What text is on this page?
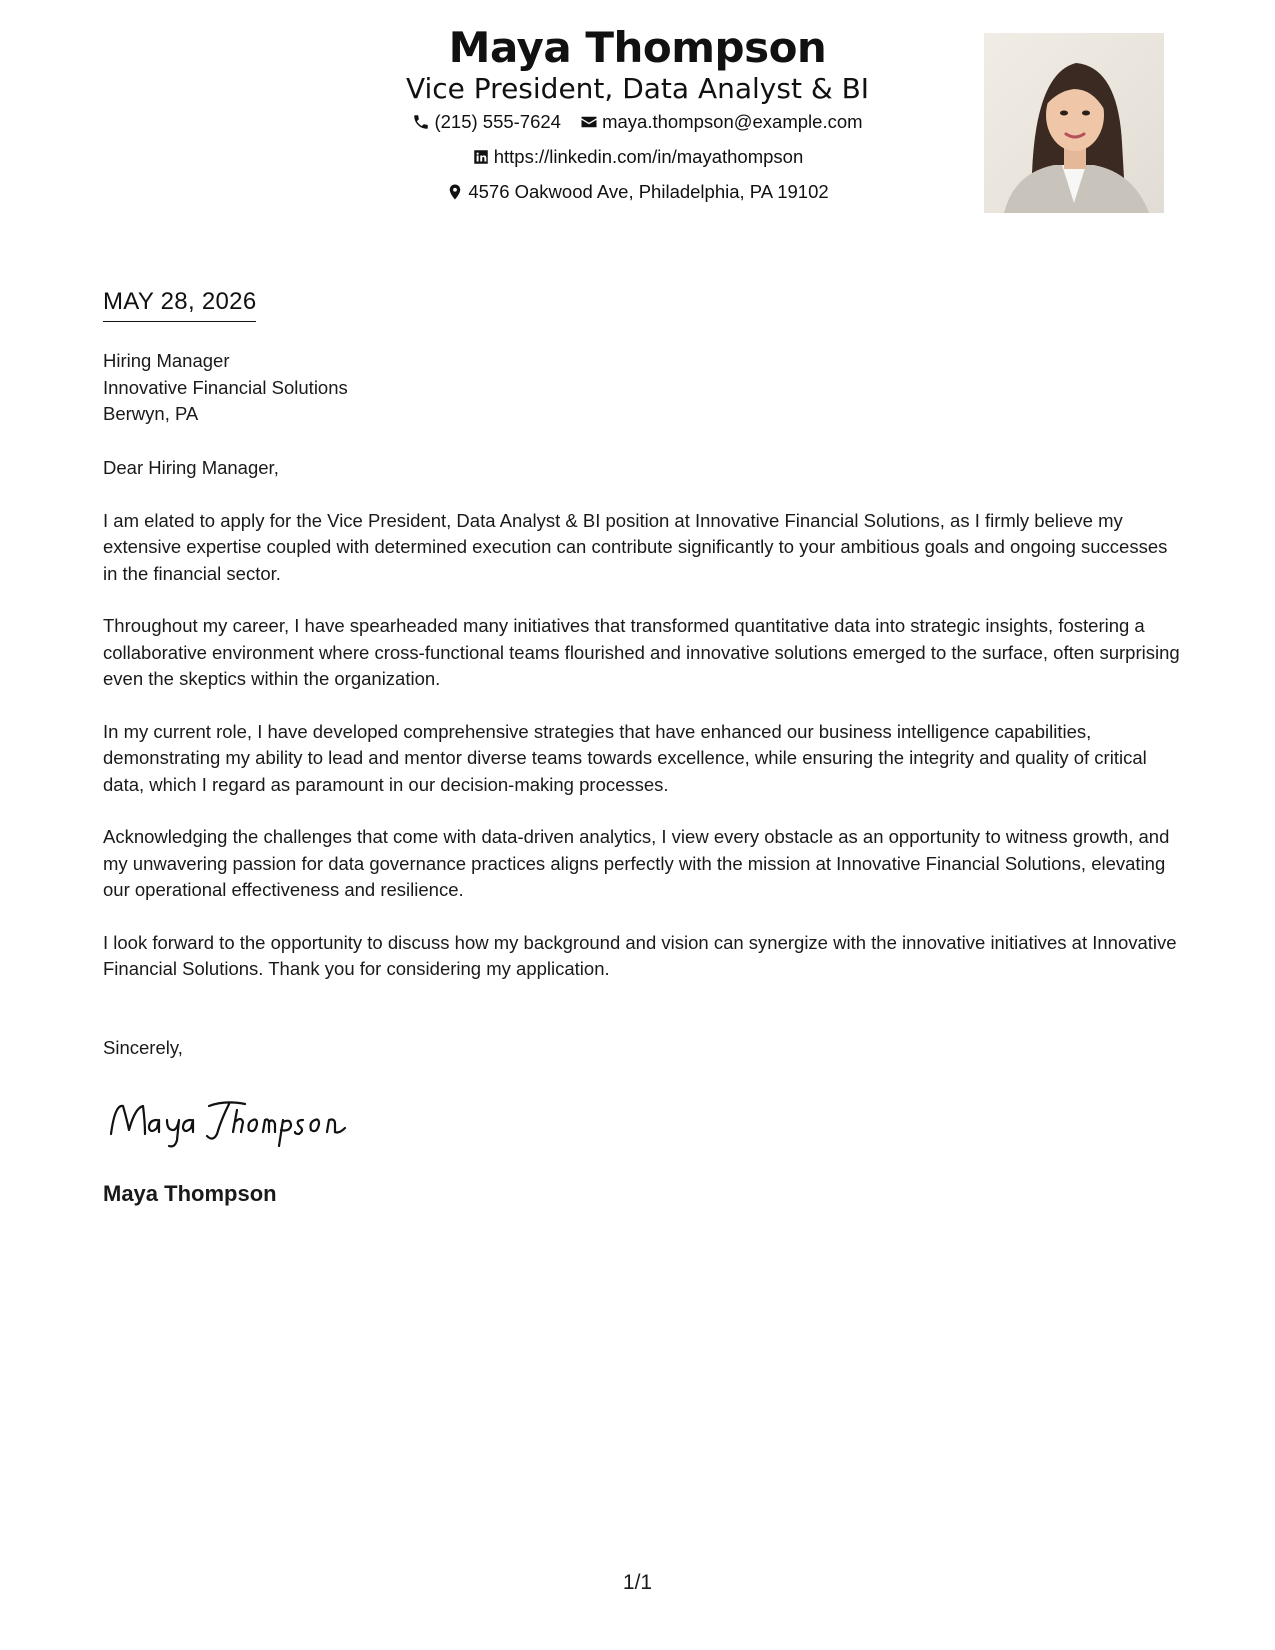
Maya Thompson
Vice President, Data Analyst & BI
(215) 555-7624
maya.thompson@example.com
https://linkedin.com/in/mayathompson
4576 Oakwood Ave, Philadelphia, PA 19102
MAY 28, 2026
Hiring Manager
Innovative Financial Solutions
Berwyn, PA

Dear Hiring Manager,

I am elated to apply for the Vice President, Data Analyst & BI position at Innovative Financial Solutions, as I firmly believe my extensive expertise coupled with determined execution can contribute significantly to your ambitious goals and ongoing successes in the financial sector.

Throughout my career, I have spearheaded many initiatives that transformed quantitative data into strategic insights, fostering a collaborative environment where cross-functional teams flourished and innovative solutions emerged to the surface, often surprising even the skeptics within the organization.

In my current role, I have developed comprehensive strategies that have enhanced our business intelligence capabilities, demonstrating my ability to lead and mentor diverse teams towards excellence, while ensuring the integrity and quality of critical data, which I regard as paramount in our decision-making processes.

Acknowledging the challenges that come with data-driven analytics, I view every obstacle as an opportunity to witness growth, and my unwavering passion for data governance practices aligns perfectly with the mission at Innovative Financial Solutions, elevating our operational effectiveness and resilience.

I look forward to the opportunity to discuss how my background and vision can synergize with the innovative initiatives at Innovative Financial Solutions. Thank you for considering my application.

Sincerely,
Maya Thompson
1/1
